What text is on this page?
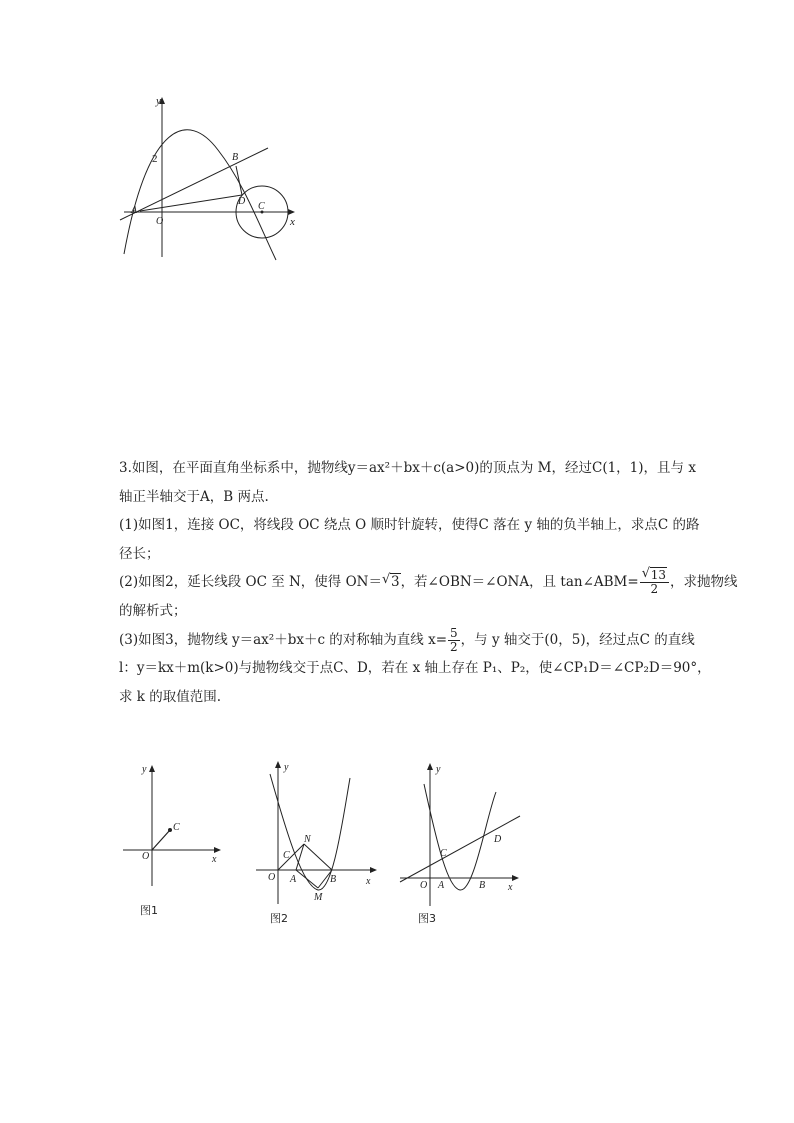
y
x
2
A
O
B
D C
3.如图，在平面直角坐标系中，抛物线y＝ax²＋bx＋c(a>0)的顶点为 M，经过C(1，1)，且与 x
轴正半轴交于A，B 两点.
(1)如图1，连接 OC，将线段 OC 绕点 O 顺时针旋转，使得C 落在 y 轴的负半轴上，求点C 的路
径长；
(2)如图2，延长线段 OC 至 N，使得 ON＝ √ 3，若∠OBN＝∠ONA，且 tan∠ABM= √ $\frac{13}{2}$ ，求抛物线
的解析式；
(3)如图3，抛物线 y＝ax²＋bx＋c 的对称轴为直线 $x= \frac{5}{2}$ ，与 y 轴交于(0，5)，经过点C 的直线
l：y＝kx＋m(k>0)与抛物线交于点C、D，若在 x 轴上存在 P₁、P₂，使∠CP₁D＝∠CP₂D＝90°，
求 k 的取值范围.
y
x
O
C
图1
y
x
O A	B
C
N
M
图2
y
x
O A	B
C
D
图3
